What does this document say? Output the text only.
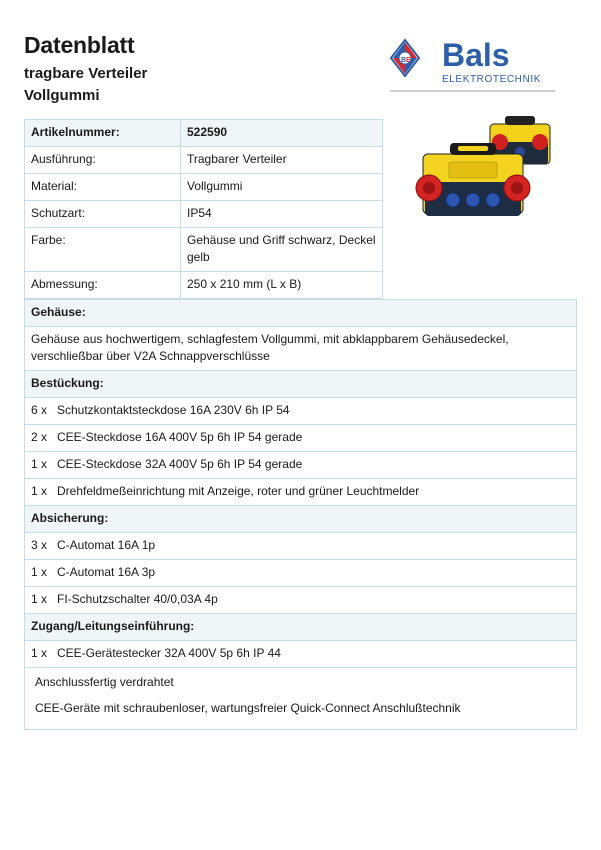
Datenblatt
tragbare Verteiler
Vollgummi
B E Bals
ELEKTROTECHNIK
Artikelnummer:	522590
Ausführung:	Tragbarer Verteiler
Material:	Vollgummi
Schutzart:	IP54
Farbe:	Gehäuse und Griff schwarz, Deckel gelb
Abmessung:	250 x 210 mm (L x B)
Gehäuse:
Gehäuse aus hochwertigem, schlagfestem Vollgummi, mit abklappbarem Gehäusedeckel, verschließbar über V2A Schnappverschlüsse
Bestückung:
6 x Schutzkontaktsteckdose 16A 230V 6h IP 54
2 x CEE-Steckdose 16A 400V 5p 6h IP 54 gerade
1 x CEE-Steckdose 32A 400V 5p 6h IP 54 gerade
1 x Drehfeldmeßeinrichtung mit Anzeige, roter und grüner Leuchtmelder
Absicherung:
3 x C-Automat 16A 1p
1 x C-Automat 16A 3p
1 x FI-Schutzschalter 40/0,03A 4p
Zugang/Leitungseinführung:
1 x CEE-Gerätestecker 32A 400V 5p 6h IP 44

Anschlussfertig verdrahtet
CEE-Geräte mit schraubenloser, wartungsfreier Quick-Connect Anschlußtechnik
